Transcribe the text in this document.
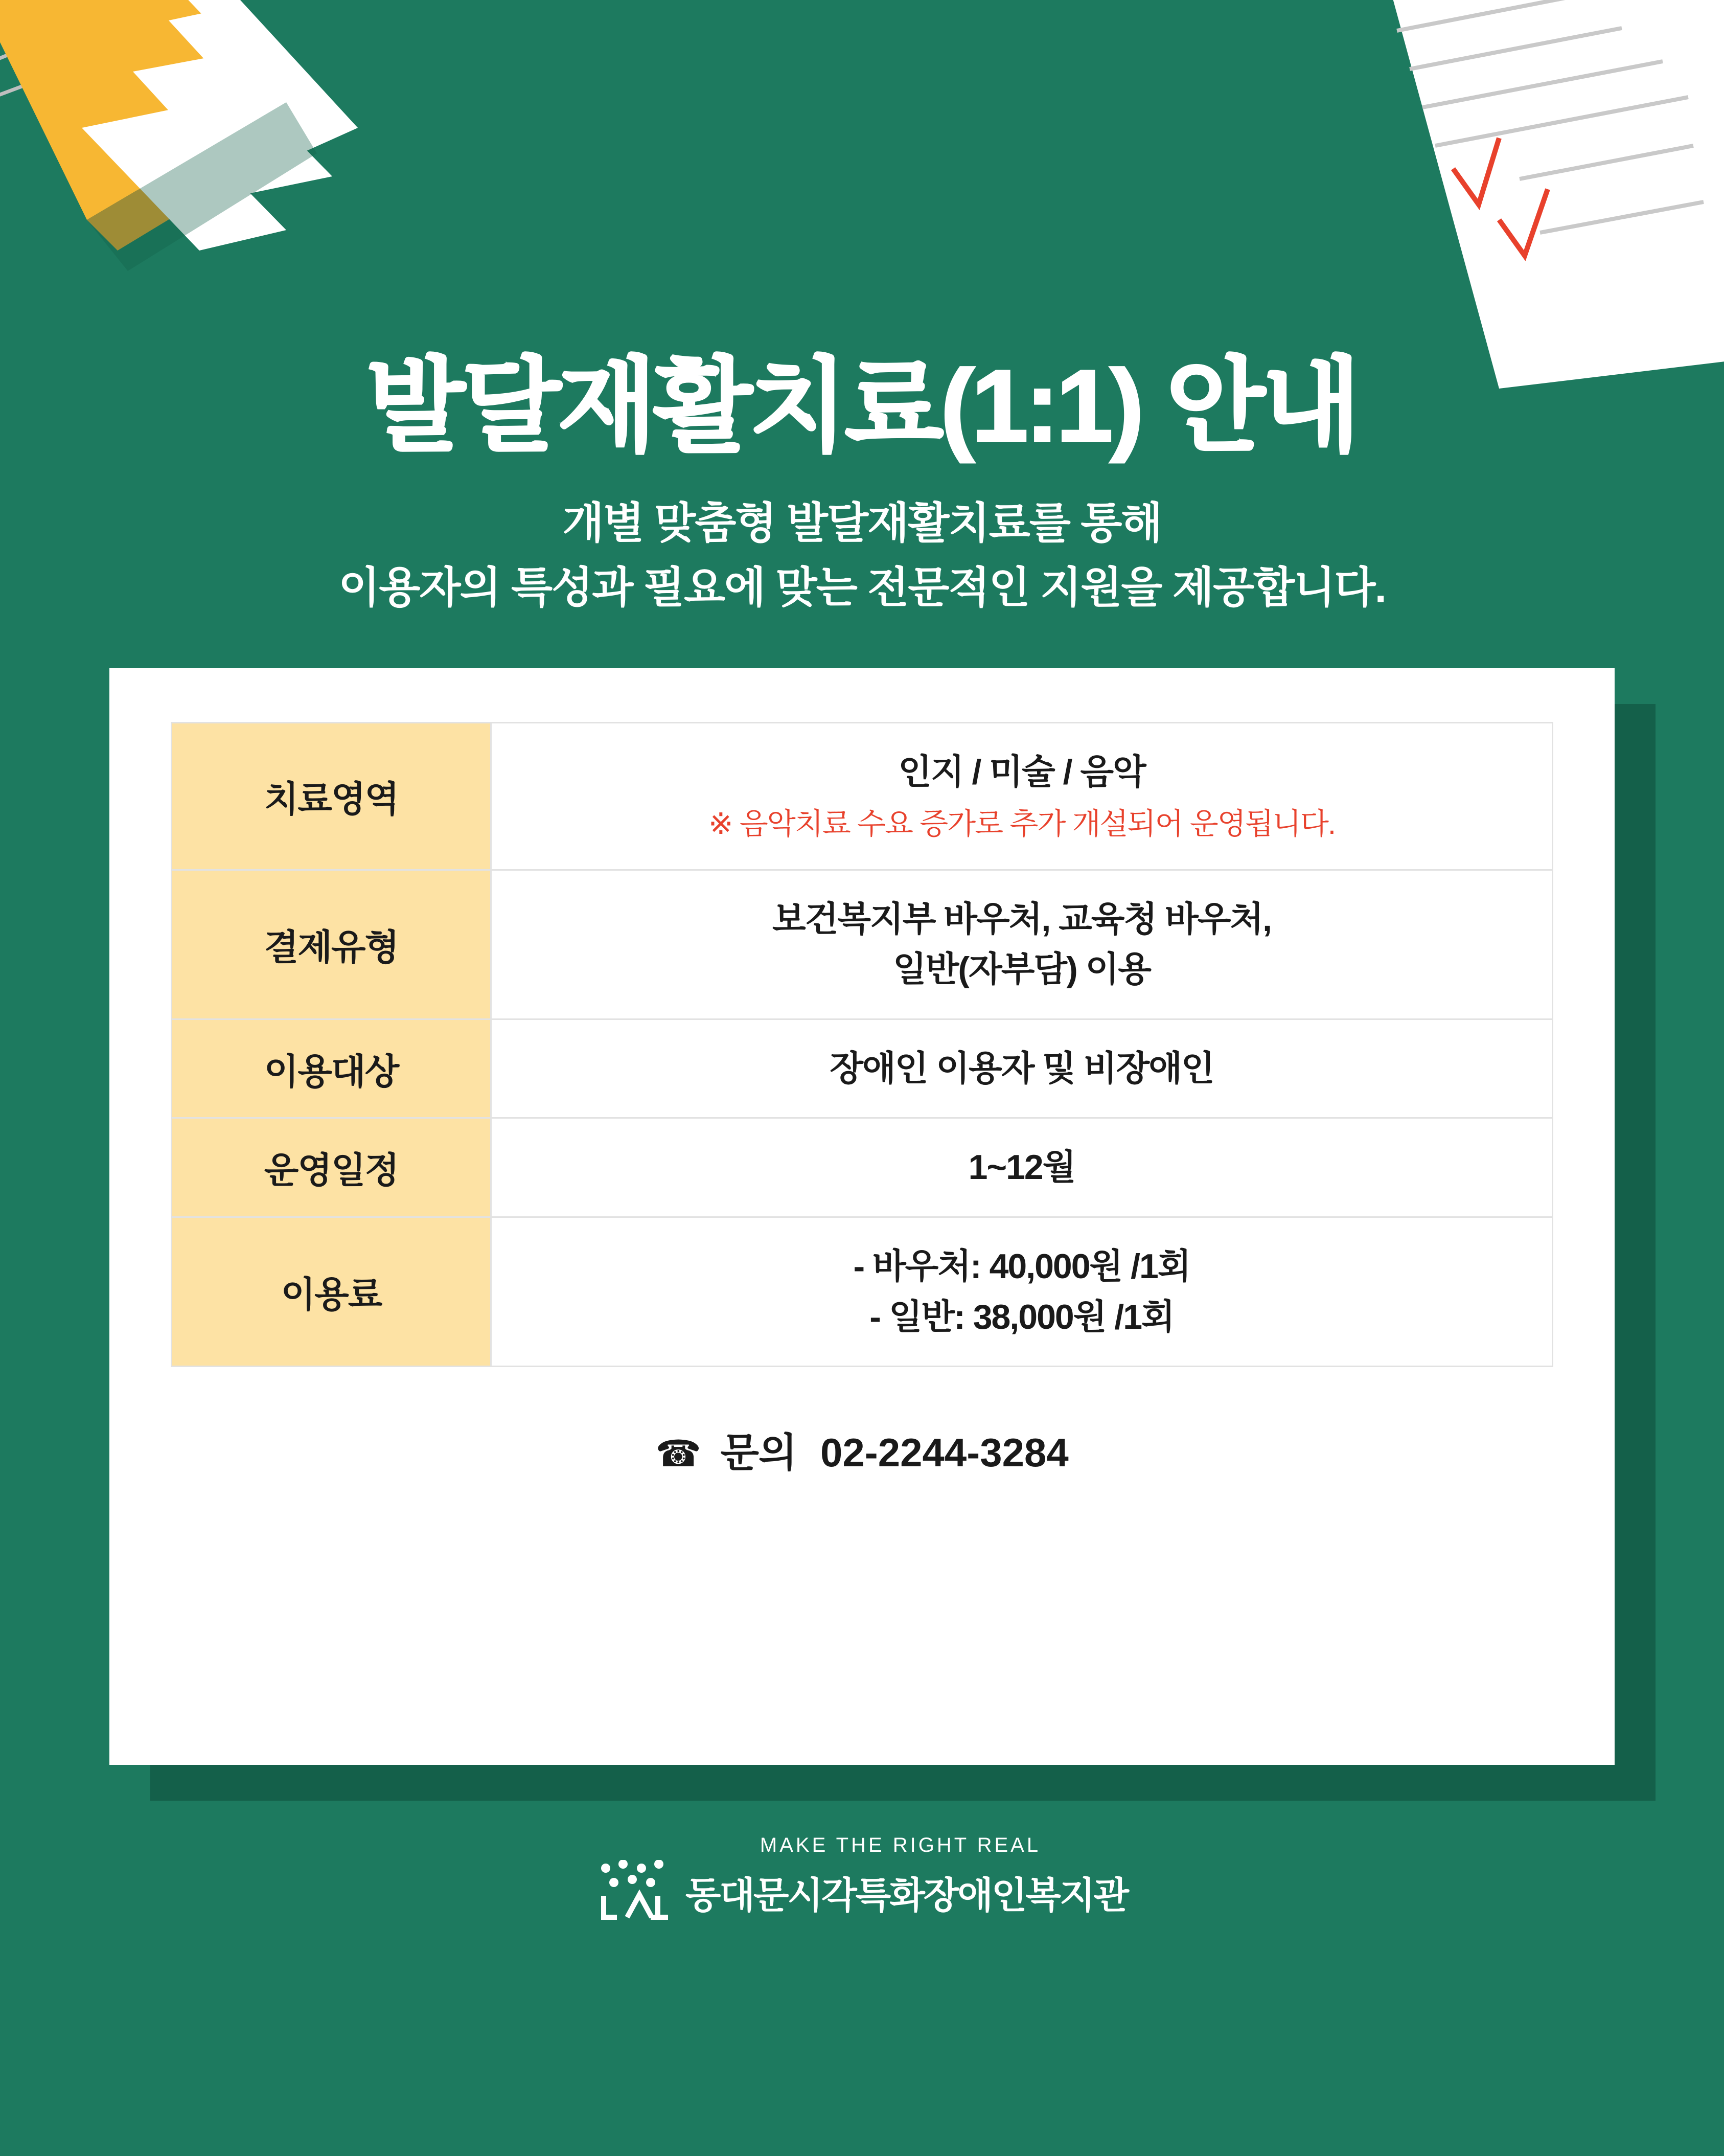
발달재활치료(1:1) 안내
개별 맞춤형 발달재활치료를 통해
이용자의 특성과 필요에 맞는 전문적인 지원을 제공합니다.
치료영역	인지 / 미술 / 음악
※ 음악치료 수요 증가로 추가 개설되어 운영됩니다.

결제유형	보건복지부 바우처, 교육청 바우처,
일반(자부담) 이용

이용대상	장애인 이용자 및 비장애인
운영일정	1~12월
이용료	- 바우처: 40,000원 /1회
- 일반: 38,000원 /1회
☎ 문의 02-2244-3284
MAKE THE RIGHT REAL
동대문시각특화장애인복지관
